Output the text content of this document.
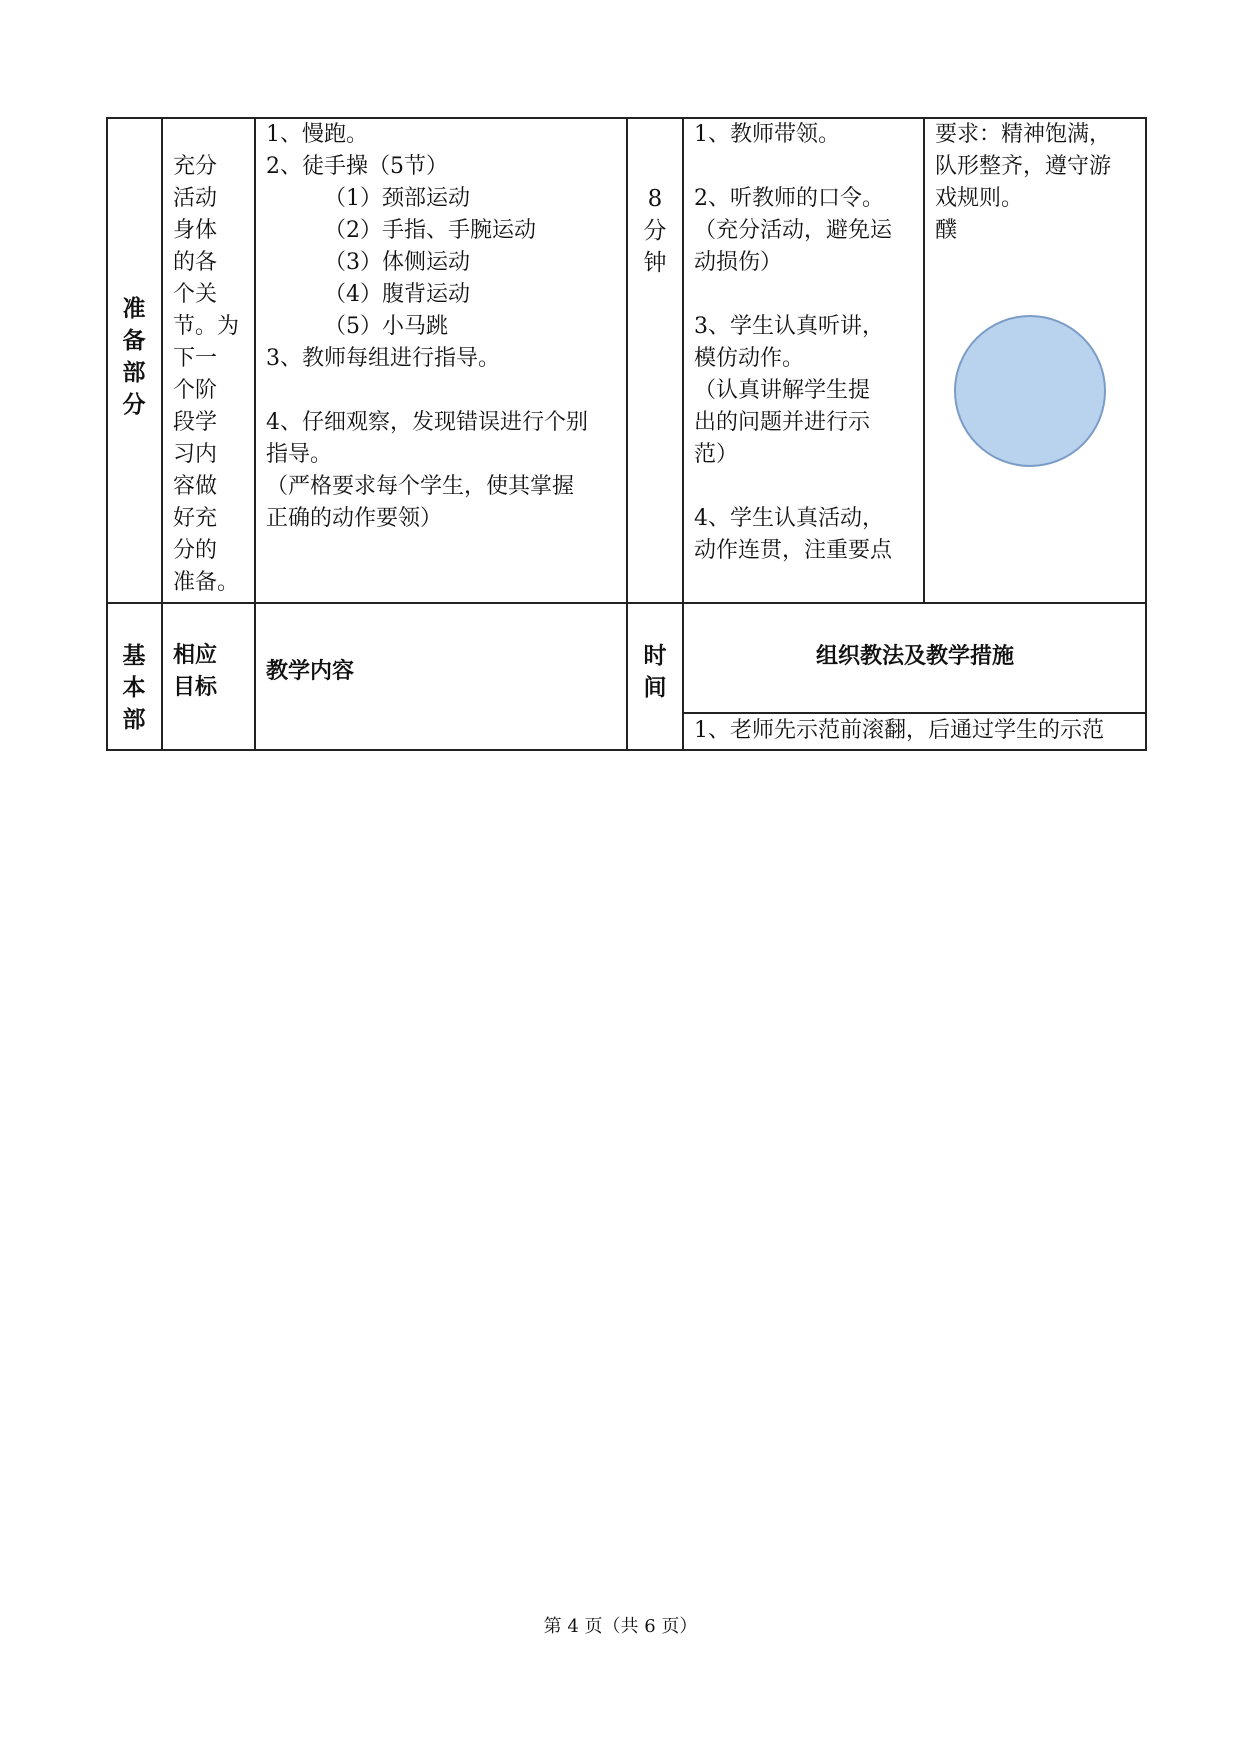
准
备
部
分
充分
活动
身体
的各
个关
节。为
下一
个阶
段学
习内
容做
好充
分的
准备。
1、慢跑。
2、徒手操（5节）
（1）颈部运动
（2）手指、手腕运动
（3）体侧运动
（4）腹背运动
（5）小马跳
3、教师每组进行指导。
4、仔细观察，发现错误进行个别
指导。
（严格要求每个学生，使其掌握
正确的动作要领）
8
分
钟
1、教师带领。
2、听教师的口令。
（充分活动，避免运
动损伤）
3、学生认真听讲，
模仿动作。
（认真讲解学生提
出的问题并进行示
范）
4、学生认真活动，
动作连贯，注重要点
要求：精神饱满，
队形整齐，遵守游
戏规则。
醭
基
本
部
相应
目标
教学内容
时
间
组织教法及教学措施
1、老师先示范前滚翻，后通过学生的示范
第 4 页（共 6 页）
